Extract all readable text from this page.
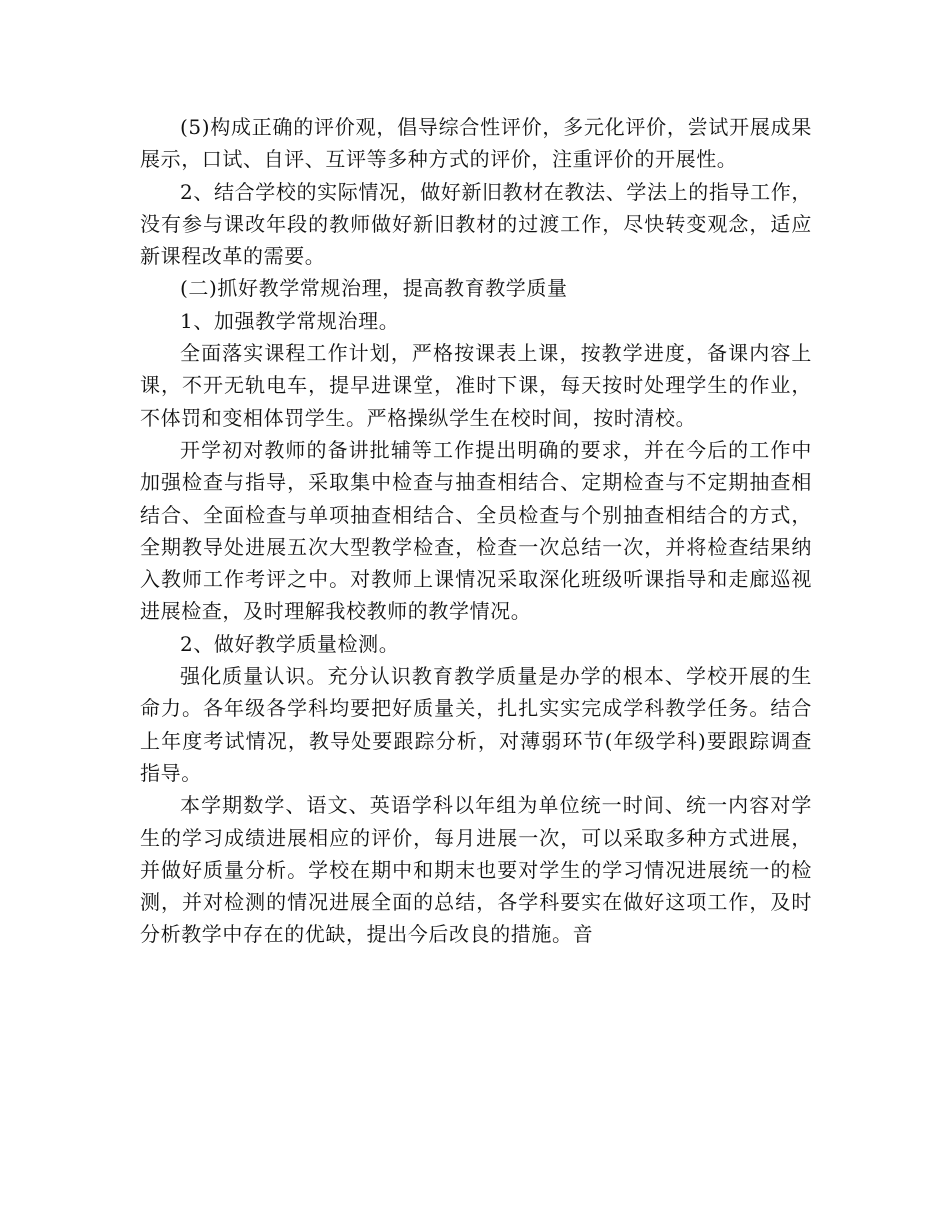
(5)构成正确的评价观，倡导综合性评价，多元化评价，尝试开展成果展示，口试、自评、互评等多种方式的评价，注重评价的开展性。

2、结合学校的实际情况，做好新旧教材在教法、学法上的指导工作，没有参与课改年段的教师做好新旧教材的过渡工作，尽快转变观念，适应新课程改革的需要。

(二)抓好教学常规治理，提高教育教学质量

1、加强教学常规治理。

全面落实课程工作计划，严格按课表上课，按教学进度，备课内容上课，不开无轨电车，提早进课堂，准时下课，每天按时处理学生的作业，不体罚和变相体罚学生。严格操纵学生在校时间，按时清校。

开学初对教师的备讲批辅等工作提出明确的要求，并在今后的工作中加强检查与指导，采取集中检查与抽查相结合、定期检查与不定期抽查相结合、全面检查与单项抽查相结合、全员检查与个别抽查相结合的方式，全期教导处进展五次大型教学检查，检查一次总结一次，并将检查结果纳入教师工作考评之中。对教师上课情况采取深化班级听课指导和走廊巡视进展检查，及时理解我校教师的教学情况。

2、做好教学质量检测。

强化质量认识。充分认识教育教学质量是办学的根本、学校开展的生命力。各年级各学科均要把好质量关，扎扎实实完成学科教学任务。结合上年度考试情况，教导处要跟踪分析，对薄弱环节(年级学科)要跟踪调查指导。

本学期数学、语文、英语学科以年组为单位统一时间、统一内容对学生的学习成绩进展相应的评价，每月进展一次，可以采取多种方式进展，并做好质量分析。学校在期中和期末也要对学生的学习情况进展统一的检测，并对检测的情况进展全面的总结，各学科要实在做好这项工作，及时分析教学中存在的优缺，提出今后改良的措施。音
